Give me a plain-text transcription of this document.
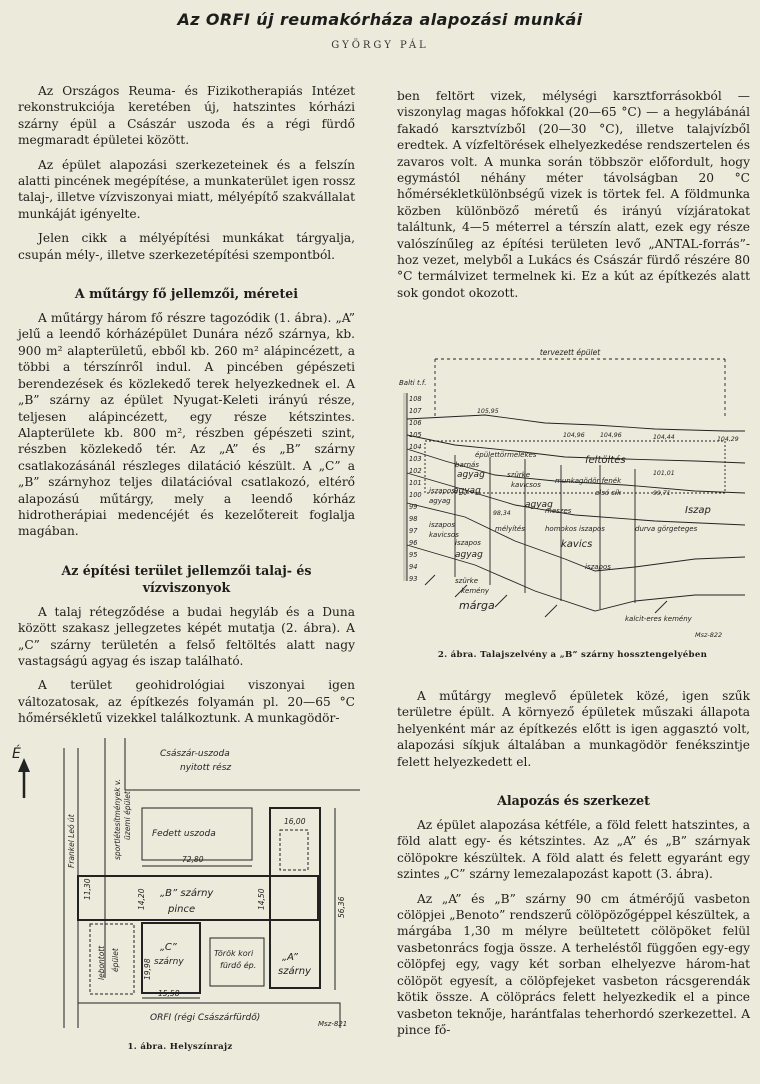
Az ORFI új reumakórháza alapozási munkái
GYÖRGY PÁL

Az Országos Reuma- és Fizikotherapiás Intézet rekonstrukciója keretében új, hatszintes kórházi szárny épül a Császár uszoda és a régi fürdő megmaradt épületei között.

Az épület alapozási szerkezeteinek és a felszín alatti pincének megépítése, a munkaterület igen rossz talaj-, illetve vízviszonyai miatt, mélyépítő szakvállalat munkáját igényelte.

Jelen cikk a mélyépítési munkákat tárgyalja, csupán mély-, illetve szerkezetépítési szempontból.

A műtárgy fő jellemzői, méretei

A műtárgy három fő részre tagozódik (1. ábra). „A” jelű a leendő kórházépület Dunára néző szárnya, kb. 900 m² alapterületű, ebből kb. 260 m² alápincézett, a többi a térszínről indul. A pincében gépészeti berendezések és közlekedő terek helyezkednek el. A „B” szárny az épület Nyugat-Keleti irányú része, teljesen alápincézett, egy része kétszintes. Alapterülete kb. 800 m², részben gépészeti szint, részben közlekedő tér. Az „A” és „B” szárny csatlakozásánál részleges dilatáció készült. A „C” a „B” szárnyhoz teljes dilatációval csatlakozó, eltérő alapozású műtárgy, mely a leendő kórház hidrotherápiai medencéjét és kezelőtereit foglalja magában.

Az építési terület jellemzői talaj- és vízviszonyok

A talaj rétegződése a budai hegyláb és a Duna között szakasz jellegzetes képét mutatja (2. ábra). A „C” szárny területén a felső feltöltés alatt nagy vastagságú agyag és iszap található.

A terület geohidrológiai viszonyai igen változatosak, az építkezés folyamán pl. 20—65 °C hőmérsékletű vizekkel találkoztunk. A munkagödör-

ben feltört vizek, mélységi karsztforrásokból — viszonylag magas hőfokkal (20—65 °C) — a hegylábánál fakadó karsztvízből (20—30 °C), illetve talajvízből eredtek. A vízfeltörések elhelyezkedése rendszertelen és zavaros volt. A munka során többször előfordult, hogy egymástól néhány méter távolságban 20 °C hőmérsékletkülönbségű vizek is törtek fel. A földmunka közben különböző méretű és irányú vízjáratokat találtunk, 4—5 méterrel a térszín alatt, ezek egy része valószínűleg az építési területen levő „ANTAL-forrás”-hoz vezet, melyből a Lukács és Császár fürdő részére 80 °C termálvizet termelnek ki. Ez a kút az építkezés alatt sok gondot okozott.

A műtárgy meglevő épületek közé, igen szűk területre épült. A környező épületek műszaki állapota helyenként már az építkezés előtt is igen aggasztó volt, alapozási síkjuk általában a munkagödör fenékszintje felett helyezkedett el.

Alapozás és szerkezet

Az épület alapozása kétféle, a föld felett hatszintes, a föld alatt egy- és kétszintes. Az „A” és „B” szárnyak cölöpokre készültek. A föld alatt és felett egyaránt egy szintes „C” szárny lemezalapozást kapott (3. ábra).

Az „A” és „B” szárny 90 cm átmérőjű vasbeton cölöpjei „Benoto” rendszerű cölöpözőgéppel készültek, a márgába 1,30 m mélyre beültetett cölöpöket felül vasbetonrács fogja össze. A terheléstől függően egy-egy cölöpfej egy, vagy két sorban elhelyezve három-hat cölöpöt egyesít, a cölöpfejeket vasbeton rácsgerendák kötik össze. A cölöprács felett helyezkedik el a pince vasbeton teknője, harántfalas teherhordó szerkezettel. A pince fő-

tervezett épület
Balti t.f.
108
107
106
105
104
103
102
101
100
99
98
97
96
95
94
93
105,95
104,96 104,96	104,44	104,29
101,01
99,71
98,34
épülettörmelékes	feltöltés
barnás
szürke
agyag
kavicsos
agyag
agyag
munkagödör fenék
Iszap
iszapos
agyag
mélyítés
meszes
homokos iszapos
kavics
durva görgeteges
iszapos
agyag
iszapos
szürke
kemény
márga
kalcit-eres kemény
iszapos
kavicsos
alsó sík
Msz-822
2. ábra. Talajszelvény a „B” szárny hossztengelyében
É	Császár-uszoda
nyitott rész
Fedett uszoda
„B” szárny
pince
„A”
szárny
„C”
szárny
Török kori
fürdő ép.
ORFI (régi Császárfürdő)
Msz-821
Frankel Leó út	sportlétesítmények v. üzemi épület
lebontott épület
72,80
16,00
14,20	14,50	56,36
11,30
19,98
15,58
1. ábra. Helyszínrajz
